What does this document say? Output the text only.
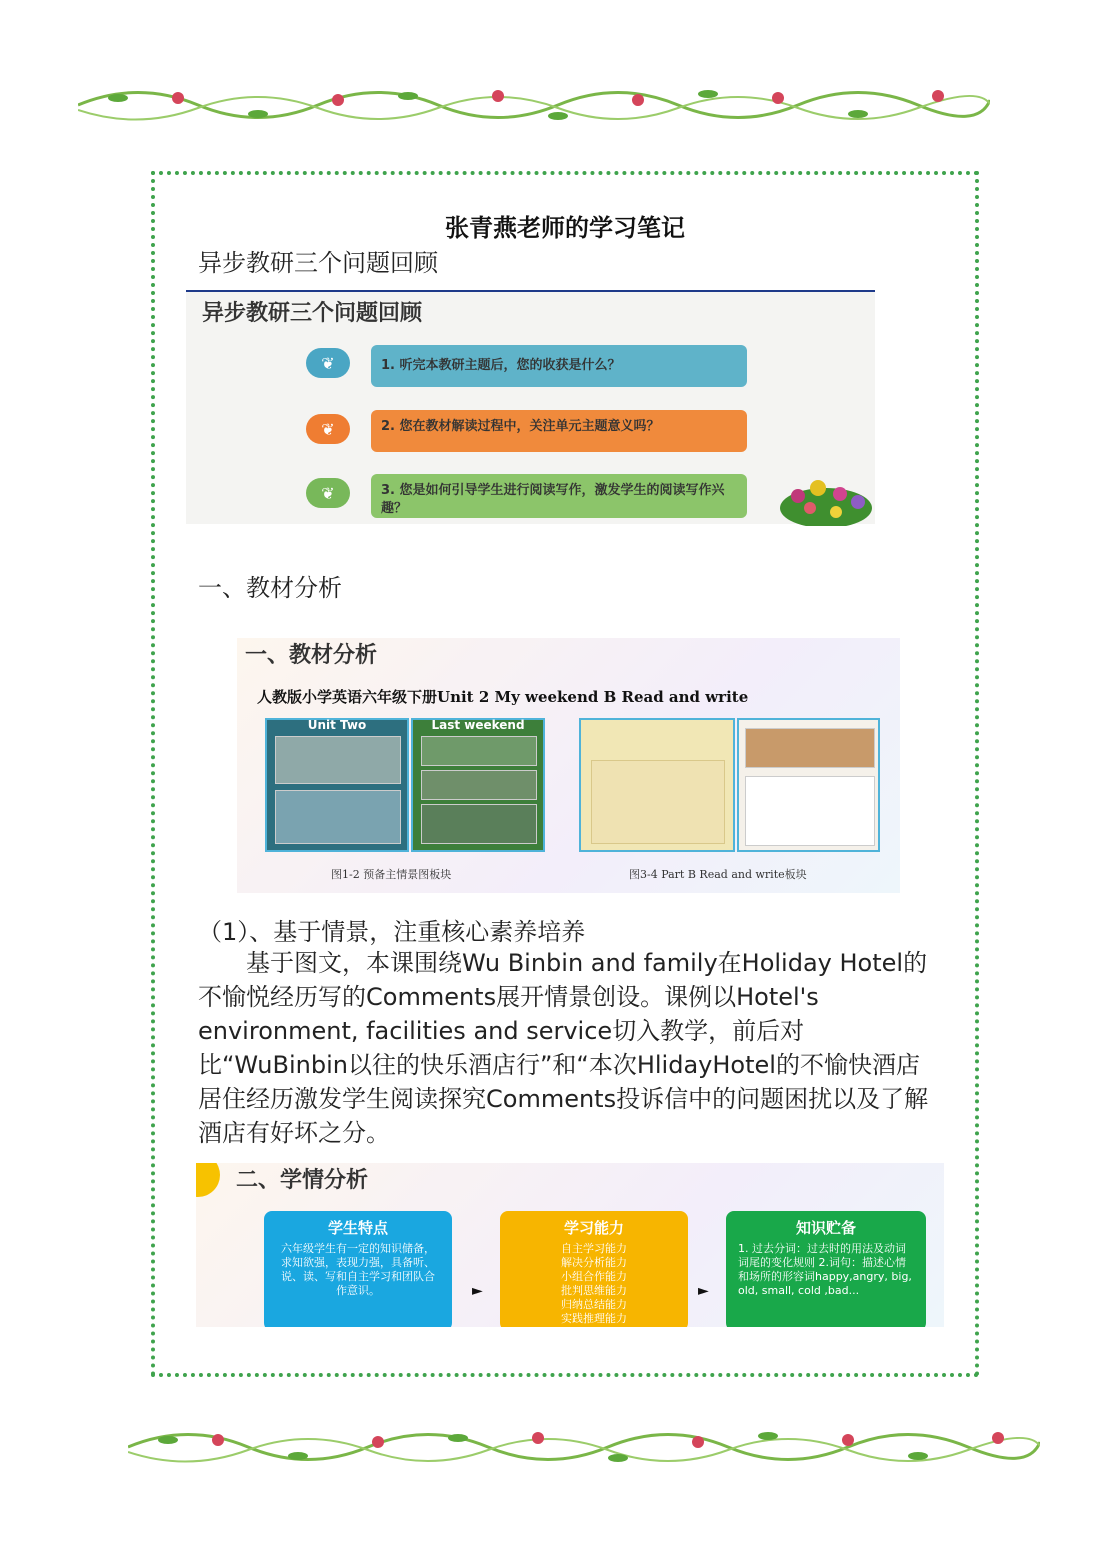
张青燕老师的学习笔记
异步教研三个问题回顾
异步教研三个问题回顾
❦	1. 听完本教研主题后，您的收获是什么？
❦	2. 您在教材解读过程中，关注单元主题意义吗？
❦	3. 您是如何引导学生进行阅读写作，激发学生的阅读写作兴趣？
一、教材分析
一、教材分析
人教版小学英语六年级下册Unit 2 My weekend B Read and write
Unit Two	Last weekend
图1-2 预备主情景图板块	图3-4 Part B Read and write板块
（1）、基于情景，注重核心素养培养
　　基于图文，本课围绕Wu Binbin and family在Holiday Hotel的不愉悦经历写的Comments展开情景创设。课例以Hotel's environment, facilities and service切入教学，前后对比“WuBinbin以往的快乐酒店行”和“本次HlidayHotel的不愉快酒店居住经历激发学生阅读探究Comments投诉信中的问题困扰以及了解酒店有好坏之分。
二、学情分析
学生特点
六年级学生有一定的知识储备，求知欲强，表现力强，具备听、说、读、写和自主学习和团队合作意识。	►
学习能力
自主学习能力
解决分析能力
小组合作能力
批判思维能力
归纳总结能力
实践推理能力
►
知识贮备
1. 过去分词：过去时的用法及动词词尾的变化规则 2.词句：描述心情和场所的形容词happy,angry, big, old, small, cold ,bad...
